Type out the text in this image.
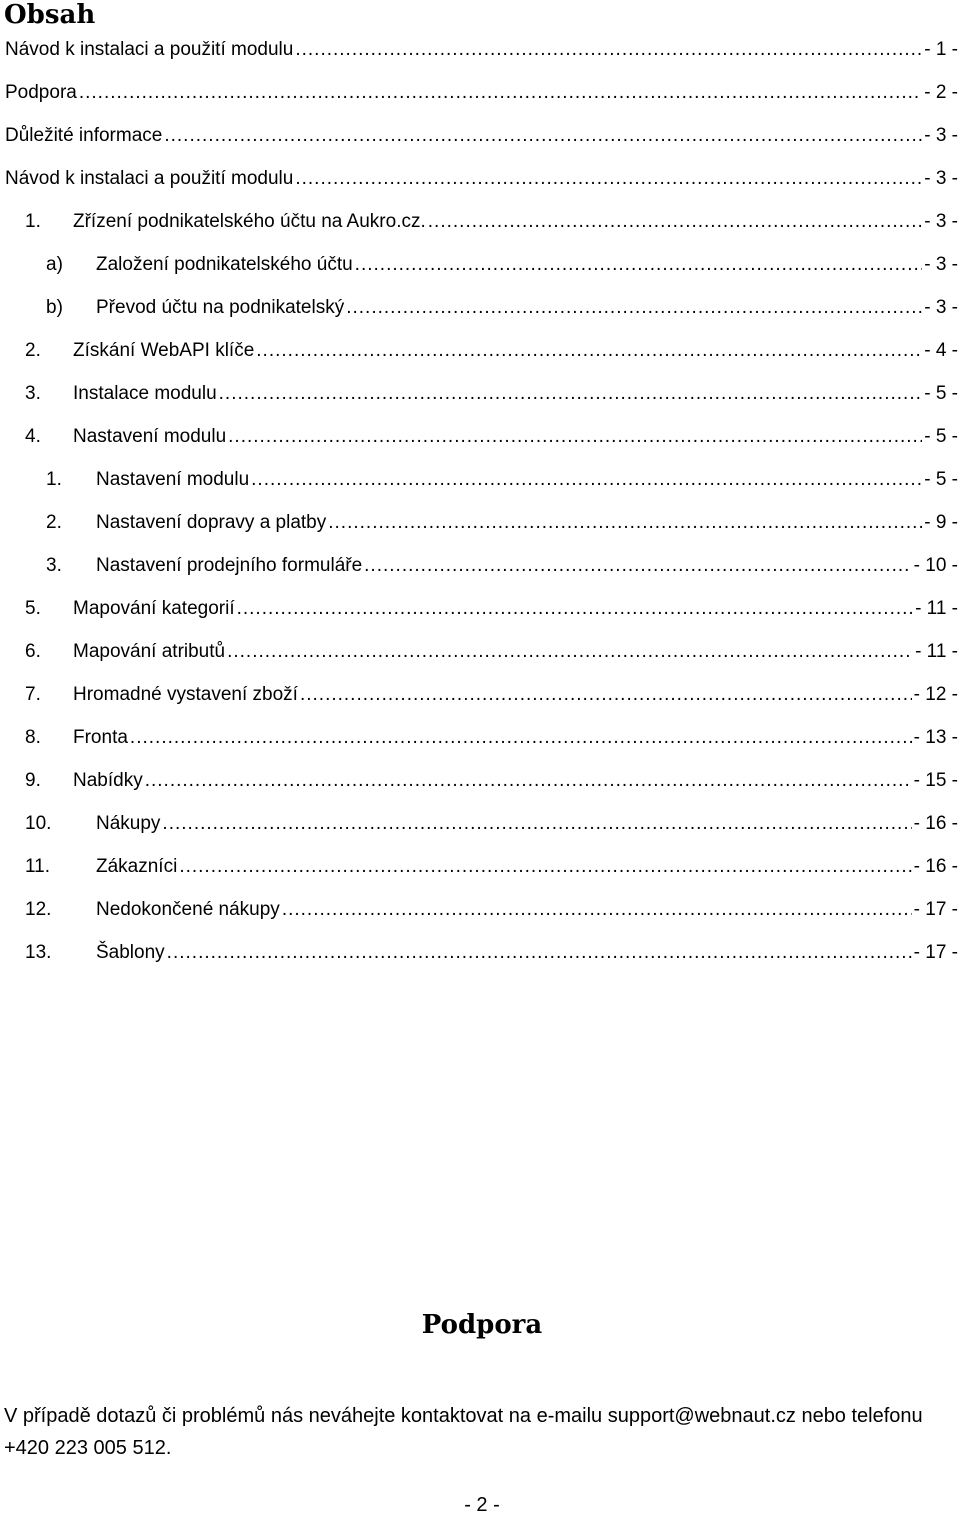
Obsah
Návod k instalaci a použití modulu .....	- 1 -
Podpora .....	- 2 -
Důležité informace .....	- 3 -
Návod k instalaci a použití modulu .....	- 3 -
1.	Zřízení podnikatelského účtu na Aukro.cz. .....	- 3 -
a)	Založení podnikatelského účtu .....	- 3 -
b)	Převod účtu na podnikatelský .....	- 3 -
2.	Získání WebAPI klíče .....	- 4 -
3.	Instalace modulu .....	- 5 -
4.	Nastavení modulu .....	- 5 -
1.	Nastavení modulu .....	- 5 -
2.	Nastavení dopravy a platby .....	- 9 -
3.	Nastavení prodejního formuláře .....	- 10 -
5.	Mapování kategorií .....	- 11 -
6.	Mapování atributů .....	- 11 -
7.	Hromadné vystavení zboží .....	- 12 -
8.	Fronta .....	- 13 -
9.	Nabídky .....	- 15 -
10.	Nákupy .....	- 16 -
11.	Zákazníci .....	- 16 -
12.	Nedokončené nákupy .....	- 17 -
13.	Šablony .....	- 17 -
Podpora

V případě dotazů či problémů nás neváhejte kontaktovat na e-mailu support@webnaut.cz nebo telefonu +420 223 005 512.

- 2 -
